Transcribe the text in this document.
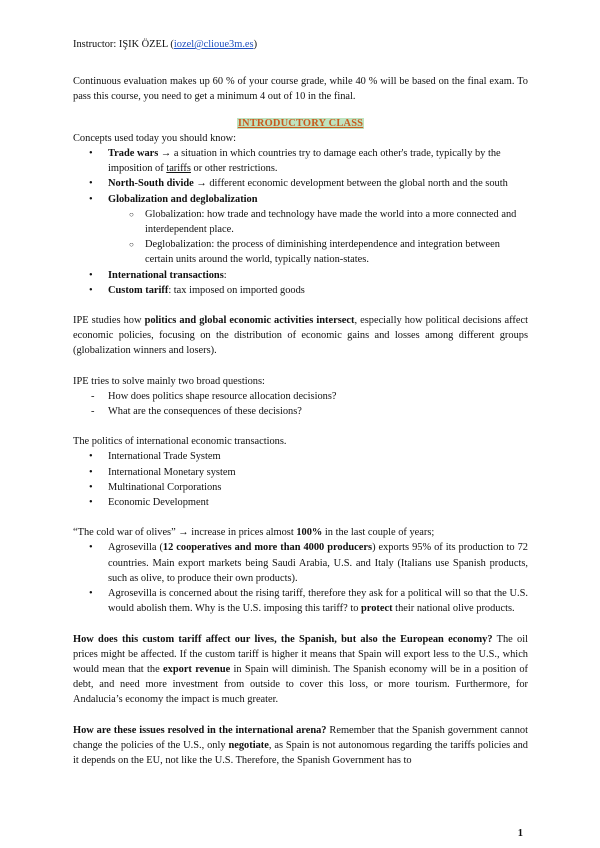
Instructor: IŞIK ÖZEL (iozel@clioue3m.es)

Continuous evaluation makes up 60 % of your course grade, while 40 % will be based on the final exam. To pass this course, you need to get a minimum 4 out of 10 in the final.

INTRODUCTORY CLASS

Concepts used today you should know:

• Trade wars → a situation in which countries try to damage each other's trade, typically by the imposition of tariffs or other restrictions.
• North-South divide → different economic development between the global north and the south
• Globalization and deglobalization
○ Globalization: how trade and technology have made the world into a more connected and interdependent place.
○ Deglobalization: the process of diminishing interdependence and integration between certain units around the world, typically nation-states.
• International transactions:
• Custom tariff: tax imposed on imported goods

IPE studies how politics and global economic activities intersect, especially how political decisions affect economic policies, focusing on the distribution of economic gains and losses among different groups (globalization winners and losers).

IPE tries to solve mainly two broad questions:

- How does politics shape resource allocation decisions?
- What are the consequences of these decisions?

The politics of international economic transactions.

• International Trade System
• International Monetary system
• Multinational Corporations
• Economic Development

“The cold war of olives” → increase in prices almost 100% in the last couple of years;

• Agrosevilla (12 cooperatives and more than 4000 producers) exports 95% of its production to 72 countries. Main export markets being Saudi Arabia, U.S. and Italy (Italians use Spanish products, such as olive, to produce their own products).
• Agrosevilla is concerned about the rising tariff, therefore they ask for a political will so that the U.S. would abolish them. Why is the U.S. imposing this tariff? to protect their national olive products.

How does this custom tariff affect our lives, the Spanish, but also the European economy? The oil prices might be affected. If the custom tariff is higher it means that Spain will export less to the U.S., which would mean that the export revenue in Spain will diminish. The Spanish economy will be in a position of debt, and need more investment from outside to cover this loss, or more tourism. Furthermore, for Andalucia’s economy the impact is much greater.

How are these issues resolved in the international arena? Remember that the Spanish government cannot change the policies of the U.S., only negotiate, as Spain is not autonomous regarding the tariffs policies and it depends on the EU, not like the U.S. Therefore, the Spanish Government has to

1
